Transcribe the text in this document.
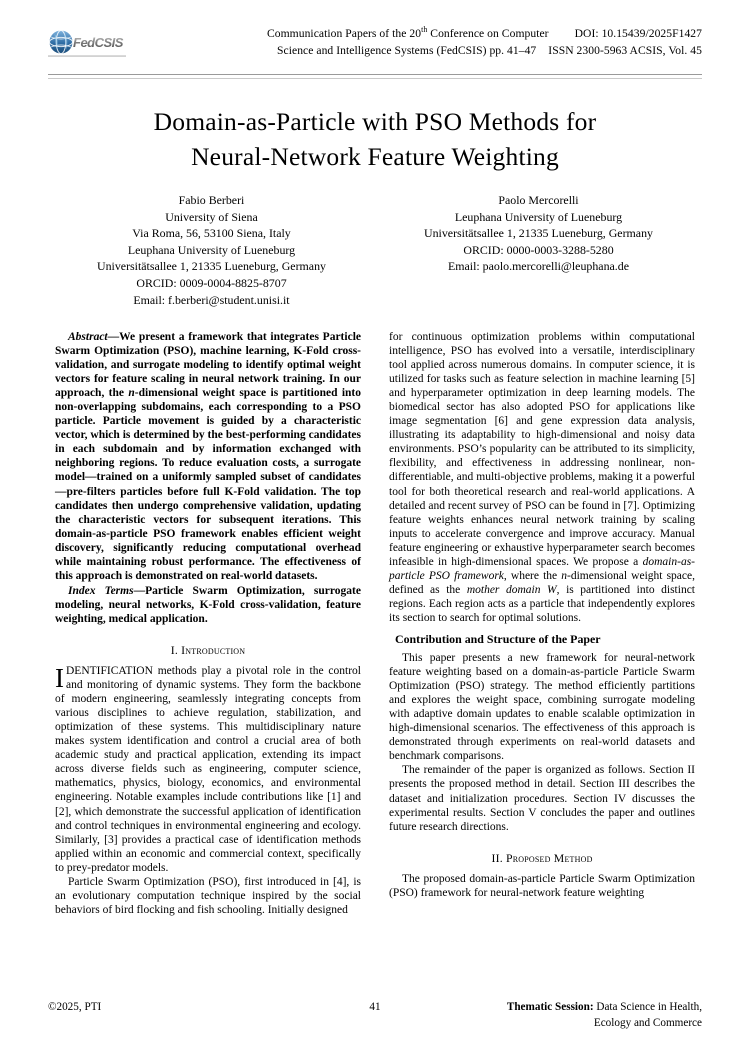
FedCSIS
Communication Papers of the 20th Conference on Computer DOI: 10.15439/2025F1427
Science and Intelligence Systems (FedCSIS) pp. 41–47 ISSN 2300-5963 ACSIS, Vol. 45
Domain-as-Particle with PSO Methods for
Neural-Network Feature Weighting
Fabio Berberi
University of Siena
Via Roma, 56, 53100 Siena, Italy
Leuphana University of Lueneburg
Universitätsallee 1, 21335 Lueneburg, Germany
ORCID: 0009-0004-8825-8707
Email: f.berberi@student.unisi.it
Paolo Mercorelli
Leuphana University of Lueneburg
Universitätsallee 1, 21335 Lueneburg, Germany
ORCID: 0000-0003-3288-5280
Email: paolo.mercorelli@leuphana.de

Abstract—We present a framework that integrates Particle Swarm Optimization (PSO), machine learning, K-Fold cross-validation, and surrogate modeling to identify optimal weight vectors for feature scaling in neural network training. In our approach, the n-dimensional weight space is partitioned into non-overlapping subdomains, each corresponding to a PSO particle. Particle movement is guided by a characteristic vector, which is determined by the best-performing candidates in each subdomain and by information exchanged with neighboring regions. To reduce evaluation costs, a surrogate model—trained on a uniformly sampled subset of candidates—pre-filters particles before full K-Fold validation. The top candidates then undergo comprehensive validation, updating the characteristic vectors for subsequent iterations. This domain-as-particle PSO framework enables efficient weight discovery, significantly reducing computational overhead while maintaining robust performance. The effectiveness of this approach is demonstrated on real-world datasets.

Index Terms—Particle Swarm Optimization, surrogate modeling, neural networks, K-Fold cross-validation, feature weighting, medical application.

I. Introduction

IDENTIFICATION methods play a pivotal role in the control and monitoring of dynamic systems. They form the backbone of modern engineering, seamlessly integrating concepts from various disciplines to achieve regulation, stabilization, and optimization of these systems. This multidisciplinary nature makes system identification and control a crucial area of both academic study and practical application, extending its impact across diverse fields such as engineering, computer science, mathematics, physics, biology, economics, and environmental engineering. Notable examples include contributions like [1] and [2], which demonstrate the successful application of identification and control techniques in environmental engineering and ecology. Similarly, [3] provides a practical case of identification methods applied within an economic and commercial context, specifically to prey-predator models.

Particle Swarm Optimization (PSO), first introduced in [4], is an evolutionary computation technique inspired by the social behaviors of bird flocking and fish schooling. Initially designed

for continuous optimization problems within computational intelligence, PSO has evolved into a versatile, interdisciplinary tool applied across numerous domains. In computer science, it is utilized for tasks such as feature selection in machine learning [5] and hyperparameter optimization in deep learning models. The biomedical sector has also adopted PSO for applications like image segmentation [6] and gene expression data analysis, illustrating its adaptability to high-dimensional and noisy data environments. PSO’s popularity can be attributed to its simplicity, flexibility, and effectiveness in addressing nonlinear, non-differentiable, and multi-objective problems, making it a powerful tool for both theoretical research and real-world applications. A detailed and recent survey of PSO can be found in [7]. Optimizing feature weights enhances neural network training by scaling inputs to accelerate convergence and improve accuracy. Manual feature engineering or exhaustive hyperparameter search becomes infeasible in high-dimensional spaces. We propose a domain-as-particle PSO framework, where the n-dimensional weight space, defined as the mother domain W, is partitioned into distinct regions. Each region acts as a particle that independently explores its section to search for optimal solutions.

Contribution and Structure of the Paper

This paper presents a new framework for neural-network feature weighting based on a domain-as-particle Particle Swarm Optimization (PSO) strategy. The method efficiently partitions and explores the weight space, combining surrogate modeling with adaptive domain updates to enable scalable optimization in high-dimensional scenarios. The effectiveness of this approach is demonstrated through experiments on real-world datasets and benchmark comparisons.

The remainder of the paper is organized as follows. Section II presents the proposed method in detail. Section III describes the dataset and initialization procedures. Section IV discusses the experimental results. Section V concludes the paper and outlines future research directions.

II. Proposed Method

The proposed domain-as-particle Particle Swarm Optimization (PSO) framework for neural-network feature weighting

©2025, PTI	41	Thematic Session: Data Science in Health,
Ecology and Commerce
